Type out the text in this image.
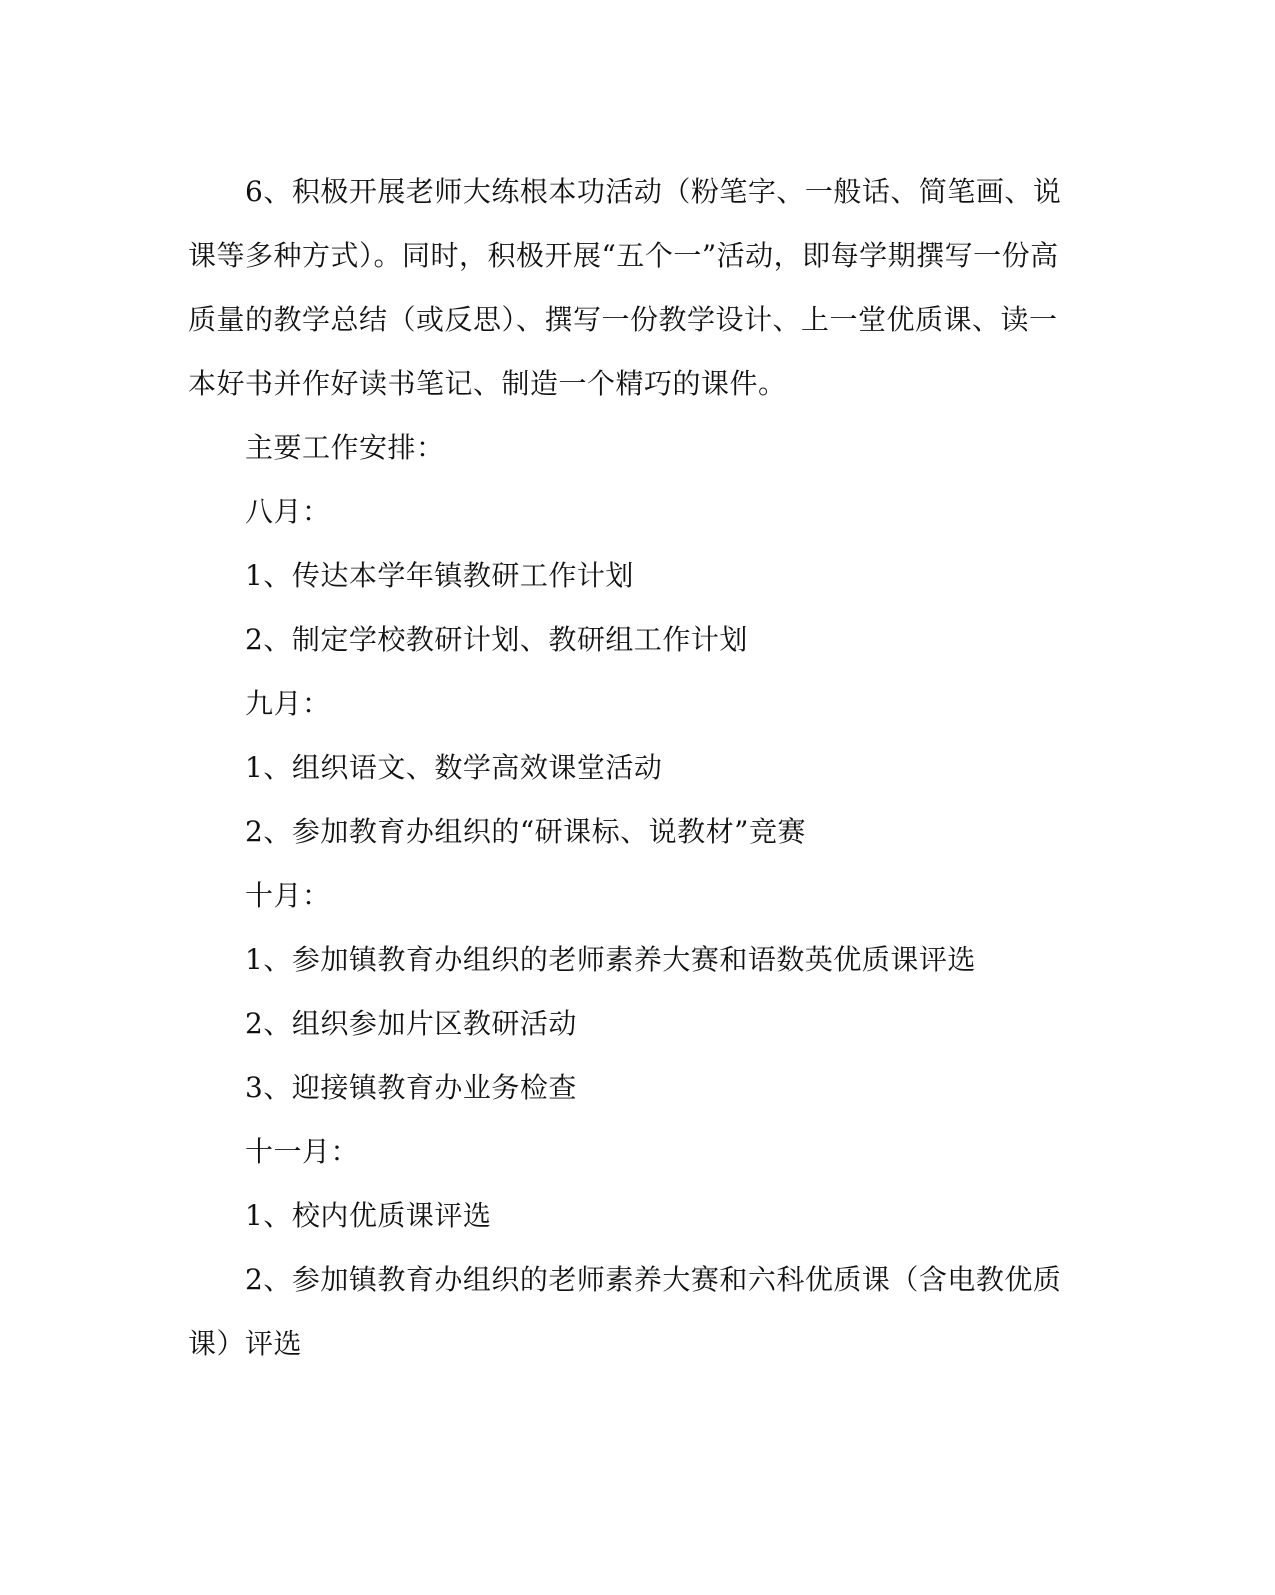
6、积极开展老师大练根本功活动（粉笔字、一般话、简笔画、说课等多种方式）。同时，积极开展“五个一”活动，即每学期撰写一份高质量的教学总结（或反思）、撰写一份教学设计、上一堂优质课、读一本好书并作好读书笔记、制造一个精巧的课件。

主要工作安排：

八月：

1、传达本学年镇教研工作计划

2、制定学校教研计划、教研组工作计划

九月：

1、组织语文、数学高效课堂活动

2、参加教育办组织的“研课标、说教材”竞赛

十月：

1、参加镇教育办组织的老师素养大赛和语数英优质课评选

2、组织参加片区教研活动

3、迎接镇教育办业务检查

十一月：

1、校内优质课评选

2、参加镇教育办组织的老师素养大赛和六科优质课（含电教优质课）评选
